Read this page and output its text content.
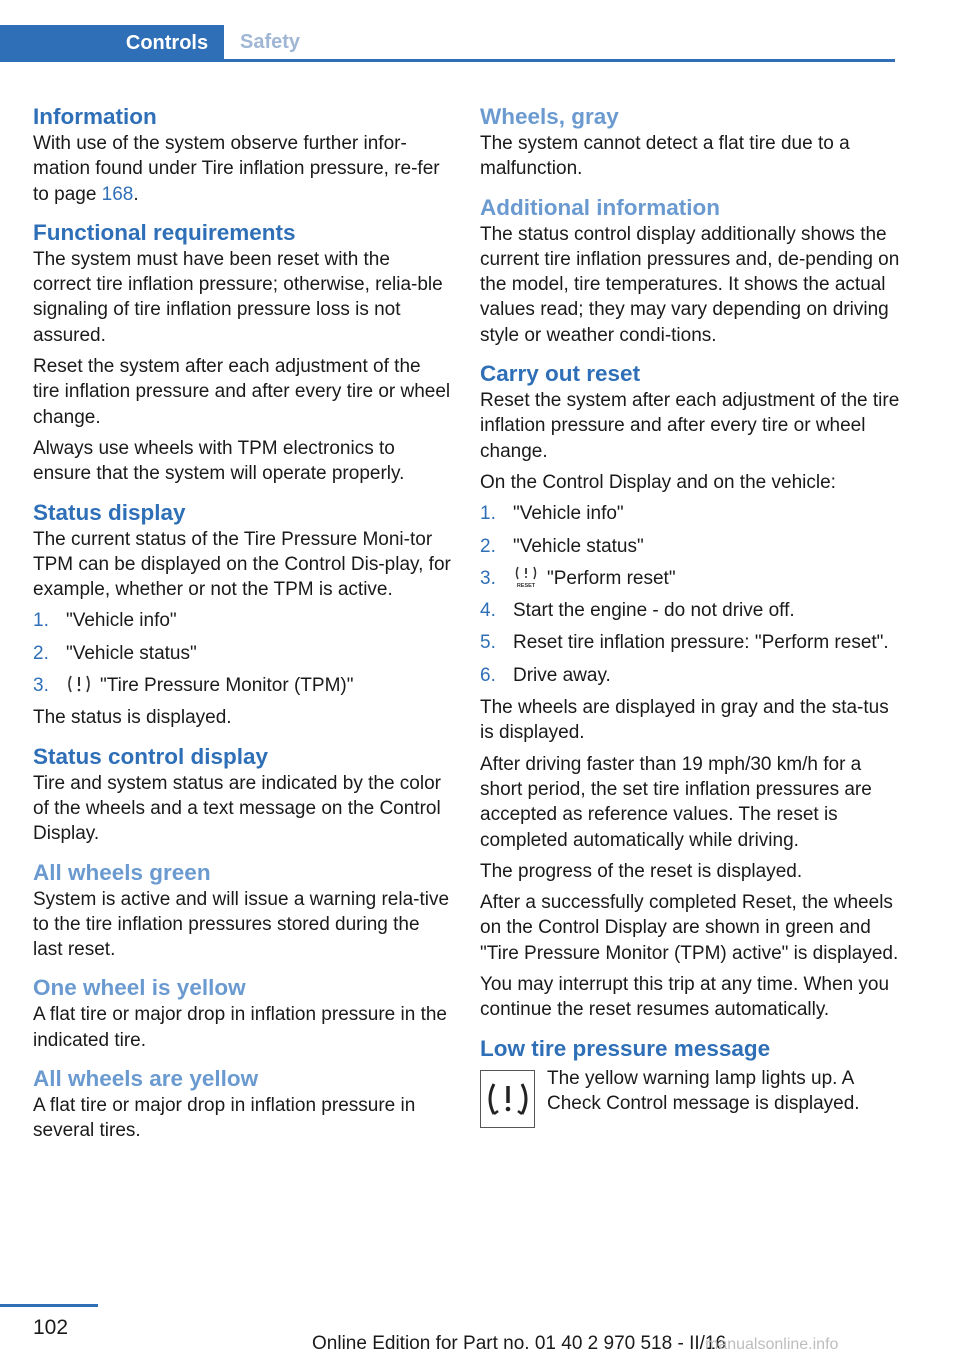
Controls	Safety
Information

With use of the system observe further infor-mation found under Tire inflation pressure, re-fer to page 168.

Functional requirements

The system must have been reset with the correct tire inflation pressure; otherwise, relia-ble signaling of tire inflation pressure loss is not assured.

Reset the system after each adjustment of the tire inflation pressure and after every tire or wheel change.

Always use wheels with TPM electronics to ensure that the system will operate properly.

Status display

The current status of the Tire Pressure Moni-tor TPM can be displayed on the Control Dis-play, for example, whether or not the TPM is active.

1. "Vehicle info"
2. "Vehicle status"
3.	"Tire Pressure Monitor (TPM)"

The status is displayed.

Status control display

Tire and system status are indicated by the color of the wheels and a text message on the Control Display.

All wheels green

System is active and will issue a warning rela-tive to the tire inflation pressures stored during the last reset.

One wheel is yellow

A flat tire or major drop in inflation pressure in the indicated tire.

All wheels are yellow

A flat tire or major drop in inflation pressure in several tires.

Wheels, gray

The system cannot detect a flat tire due to a malfunction.

Additional information

The status control display additionally shows the current tire inflation pressures and, de-pending on the model, tire temperatures. It shows the actual values read; they may vary depending on driving style or weather condi-tions.

Carry out reset

Reset the system after each adjustment of the tire inflation pressure and after every tire or wheel change.

On the Control Display and on the vehicle:

1. "Vehicle info"
2. "Vehicle status"
3.	RESET "Perform reset"
4. Start the engine - do not drive off.
5. Reset tire inflation pressure: "Perform reset".
6. Drive away.

The wheels are displayed in gray and the sta-tus is displayed.

After driving faster than 19 mph/30 km/h for a short period, the set tire inflation pressures are accepted as reference values. The reset is completed automatically while driving.

The progress of the reset is displayed.

After a successfully completed Reset, the wheels on the Control Display are shown in green and "Tire Pressure Monitor (TPM) active" is displayed.

You may interrupt this trip at any time. When you continue the reset resumes automatically.

Low tire pressure message

The yellow warning lamp lights up. A Check Control message is displayed.

102
Online Edition for Part no. 01 40 2 970 518 - II/16
manualsonline.info
